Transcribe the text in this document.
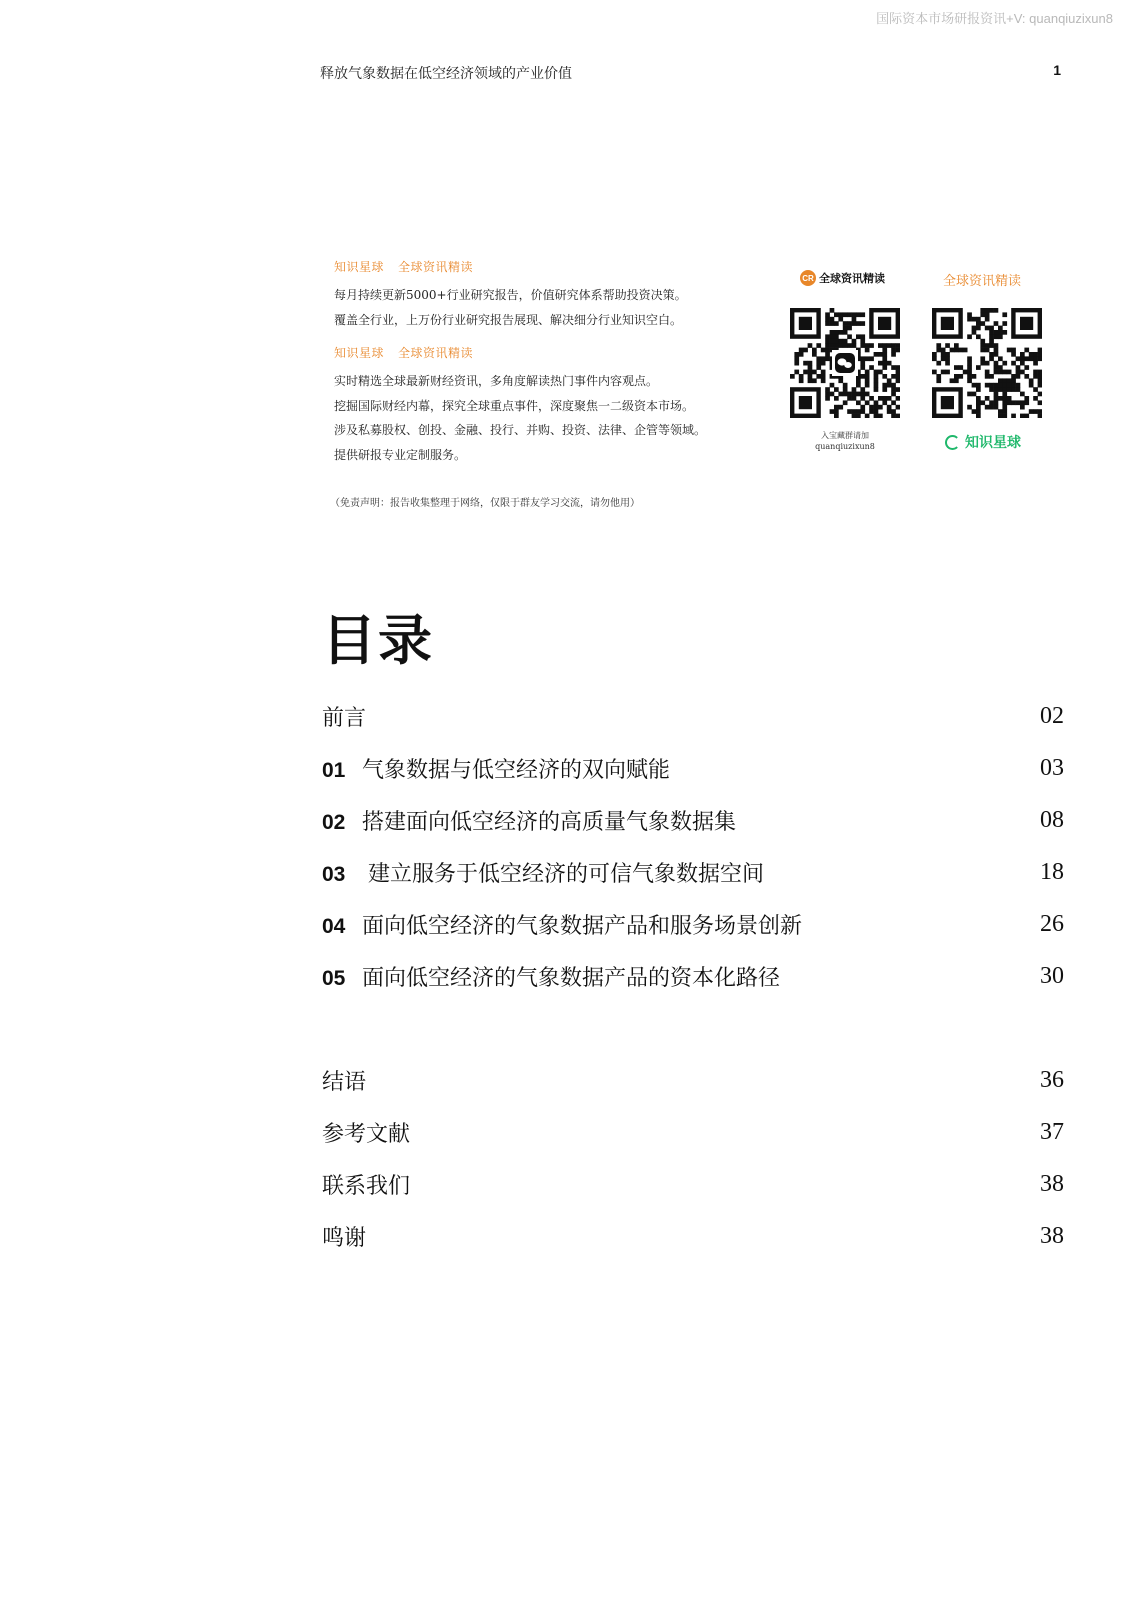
国际资本市场研报资讯+V: quanqiuzixun8
释放气象数据在低空经济领域的产业价值	1
知识星球 全球资讯精读
每月持续更新5000+行业研究报告，价值研究体系帮助投资决策。
覆盖全行业，上万份行业研究报告展现、解决细分行业知识空白。
知识星球 全球资讯精读
实时精选全球最新财经资讯，多角度解读热门事件内容观点。
挖掘国际财经内幕，探究全球重点事件，深度聚焦一二级资本市场。
涉及私募股权、创投、金融、投行、并购、投资、法律、企管等领域。
提供研报专业定制服务。
（免责声明：报告收集整理于网络，仅限于群友学习交流，请勿他用）
CR 全球资讯精读	全球资讯精读
入宝藏群请加
quanqiuzixun8	知识星球
目录
前言	02
01 气象数据与低空经济的双向赋能	03
02 搭建面向低空经济的高质量气象数据集	08
03 建立服务于低空经济的可信气象数据空间	18
04 面向低空经济的气象数据产品和服务场景创新	26
05 面向低空经济的气象数据产品的资本化路径	30
结语	36
参考文献	37
联系我们	38
鸣谢	38
